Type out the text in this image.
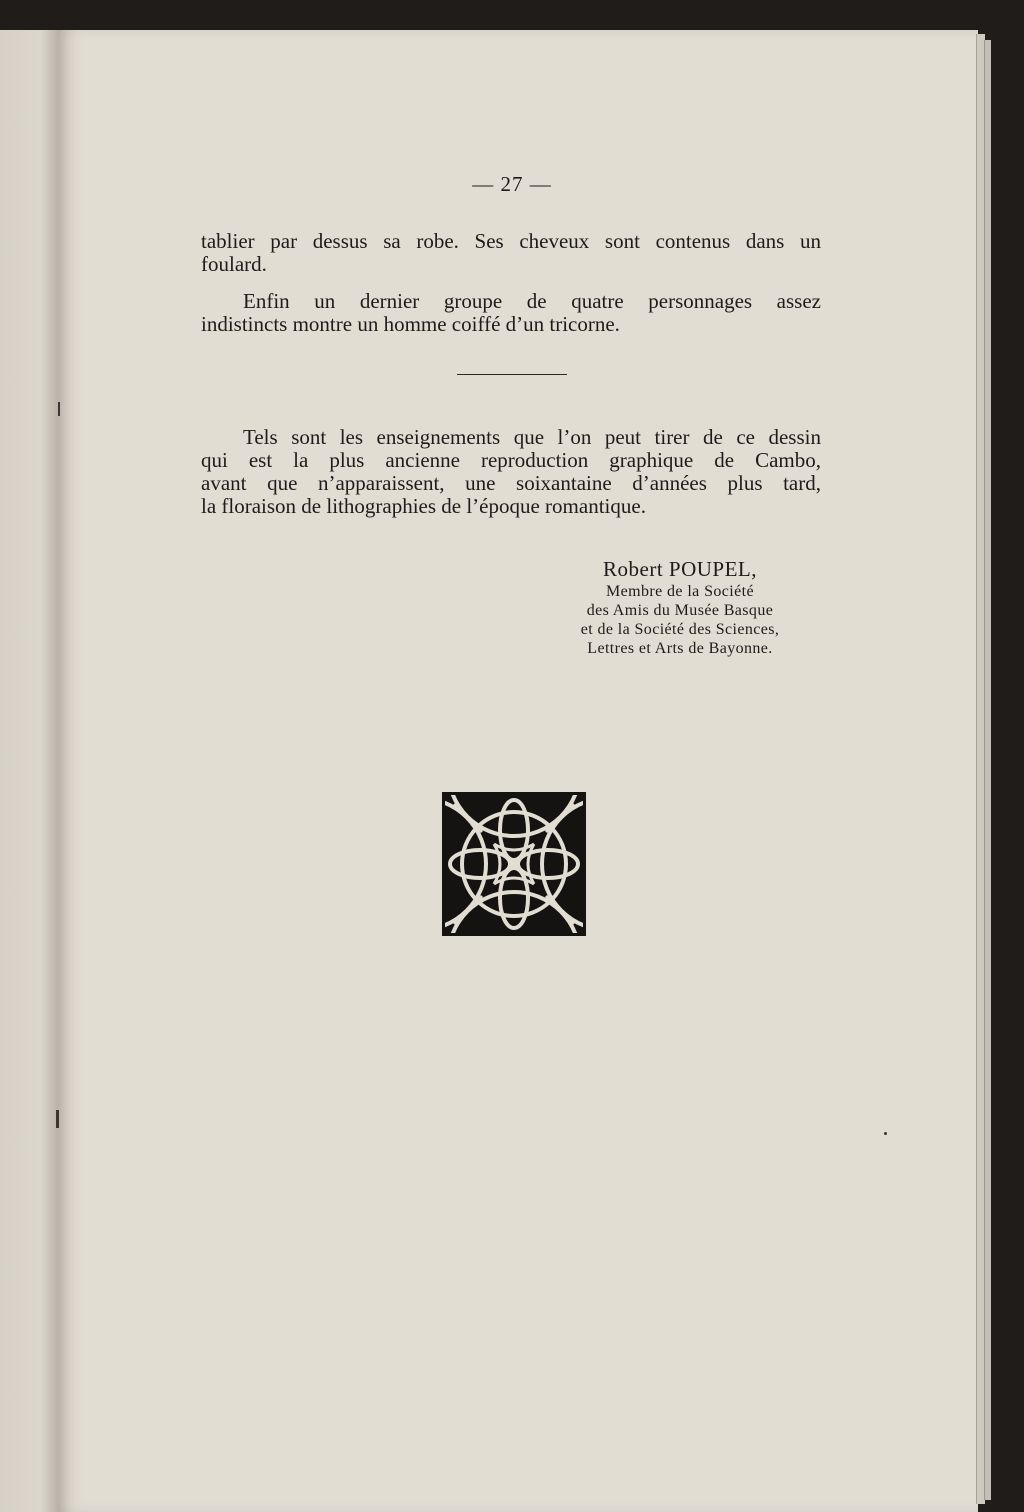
— 27 —

tablier par dessus sa robe. Ses cheveux sont contenus dans un
foulard.

Enfin un dernier groupe de quatre personnages assez
indistincts montre un homme coiffé d’un tricorne.

Tels sont les enseignements que l’on peut tirer de ce dessin
qui est la plus ancienne reproduction graphique de Cambo,
avant que n’apparaissent, une soixantaine d’années plus tard,
la floraison de lithographies de l’époque romantique.

Robert POUPEL,
Membre de la Société
des Amis du Musée Basque
et de la Société des Sciences,
Lettres et Arts de Bayonne.
